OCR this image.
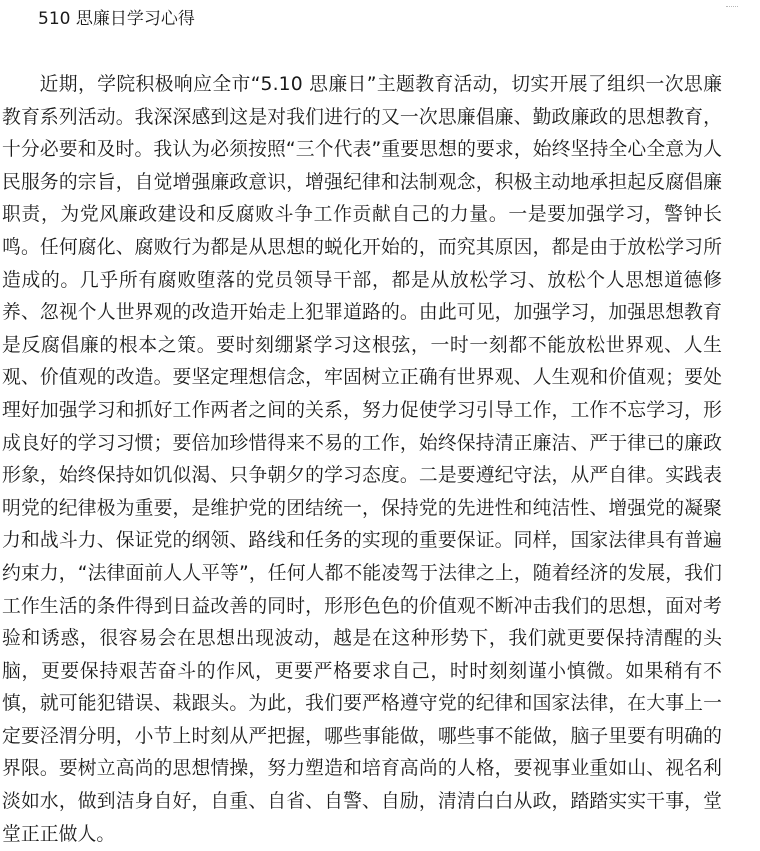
510 思廉日学习心得

近期，学院积极响应全市“5.10 思廉日”主题教育活动，切实开展了组织一次思廉教育系列活动。我深深感到这是对我们进行的又一次思廉倡廉、勤政廉政的思想教育，十分必要和及时。我认为必须按照“三个代表”重要思想的要求，始终坚持全心全意为人民服务的宗旨，自觉增强廉政意识，增强纪律和法制观念，积极主动地承担起反腐倡廉职责，为党风廉政建设和反腐败斗争工作贡献自己的力量。一是要加强学习，警钟长鸣。任何腐化、腐败行为都是从思想的蜕化开始的，而究其原因，都是由于放松学习所造成的。几乎所有腐败堕落的党员领导干部，都是从放松学习、放松个人思想道德修养、忽视个人世界观的改造开始走上犯罪道路的。由此可见，加强学习，加强思想教育是反腐倡廉的根本之策。要时刻绷紧学习这根弦，一时一刻都不能放松世界观、人生观、价值观的改造。要坚定理想信念，牢固树立正确有世界观、人生观和价值观；要处理好加强学习和抓好工作两者之间的关系，努力促使学习引导工作，工作不忘学习，形成良好的学习习惯；要倍加珍惜得来不易的工作，始终保持清正廉洁、严于律已的廉政形象，始终保持如饥似渴、只争朝夕的学习态度。二是要遵纪守法，从严自律。实践表明党的纪律极为重要，是维护党的团结统一，保持党的先进性和纯洁性、增强党的凝聚力和战斗力、保证党的纲领、路线和任务的实现的重要保证。同样，国家法律具有普遍约束力，“法律面前人人平等”，任何人都不能凌驾于法律之上，随着经济的发展，我们工作生活的条件得到日益改善的同时，形形色色的价值观不断冲击我们的思想，面对考验和诱惑，很容易会在思想出现波动，越是在这种形势下，我们就更要保持清醒的头脑，更要保持艰苦奋斗的作风，更要严格要求自己，时时刻刻谨小慎微。如果稍有不慎，就可能犯错误、栽跟头。为此，我们要严格遵守党的纪律和国家法律，在大事上一定要泾渭分明，小节上时刻从严把握，哪些事能做，哪些事不能做，脑子里要有明确的界限。要树立高尚的思想情操，努力塑造和培育高尚的人格，要视事业重如山、视名利淡如水，做到洁身自好，自重、自省、自警、自励，清清白白从政，踏踏实实干事，堂堂正正做人。
